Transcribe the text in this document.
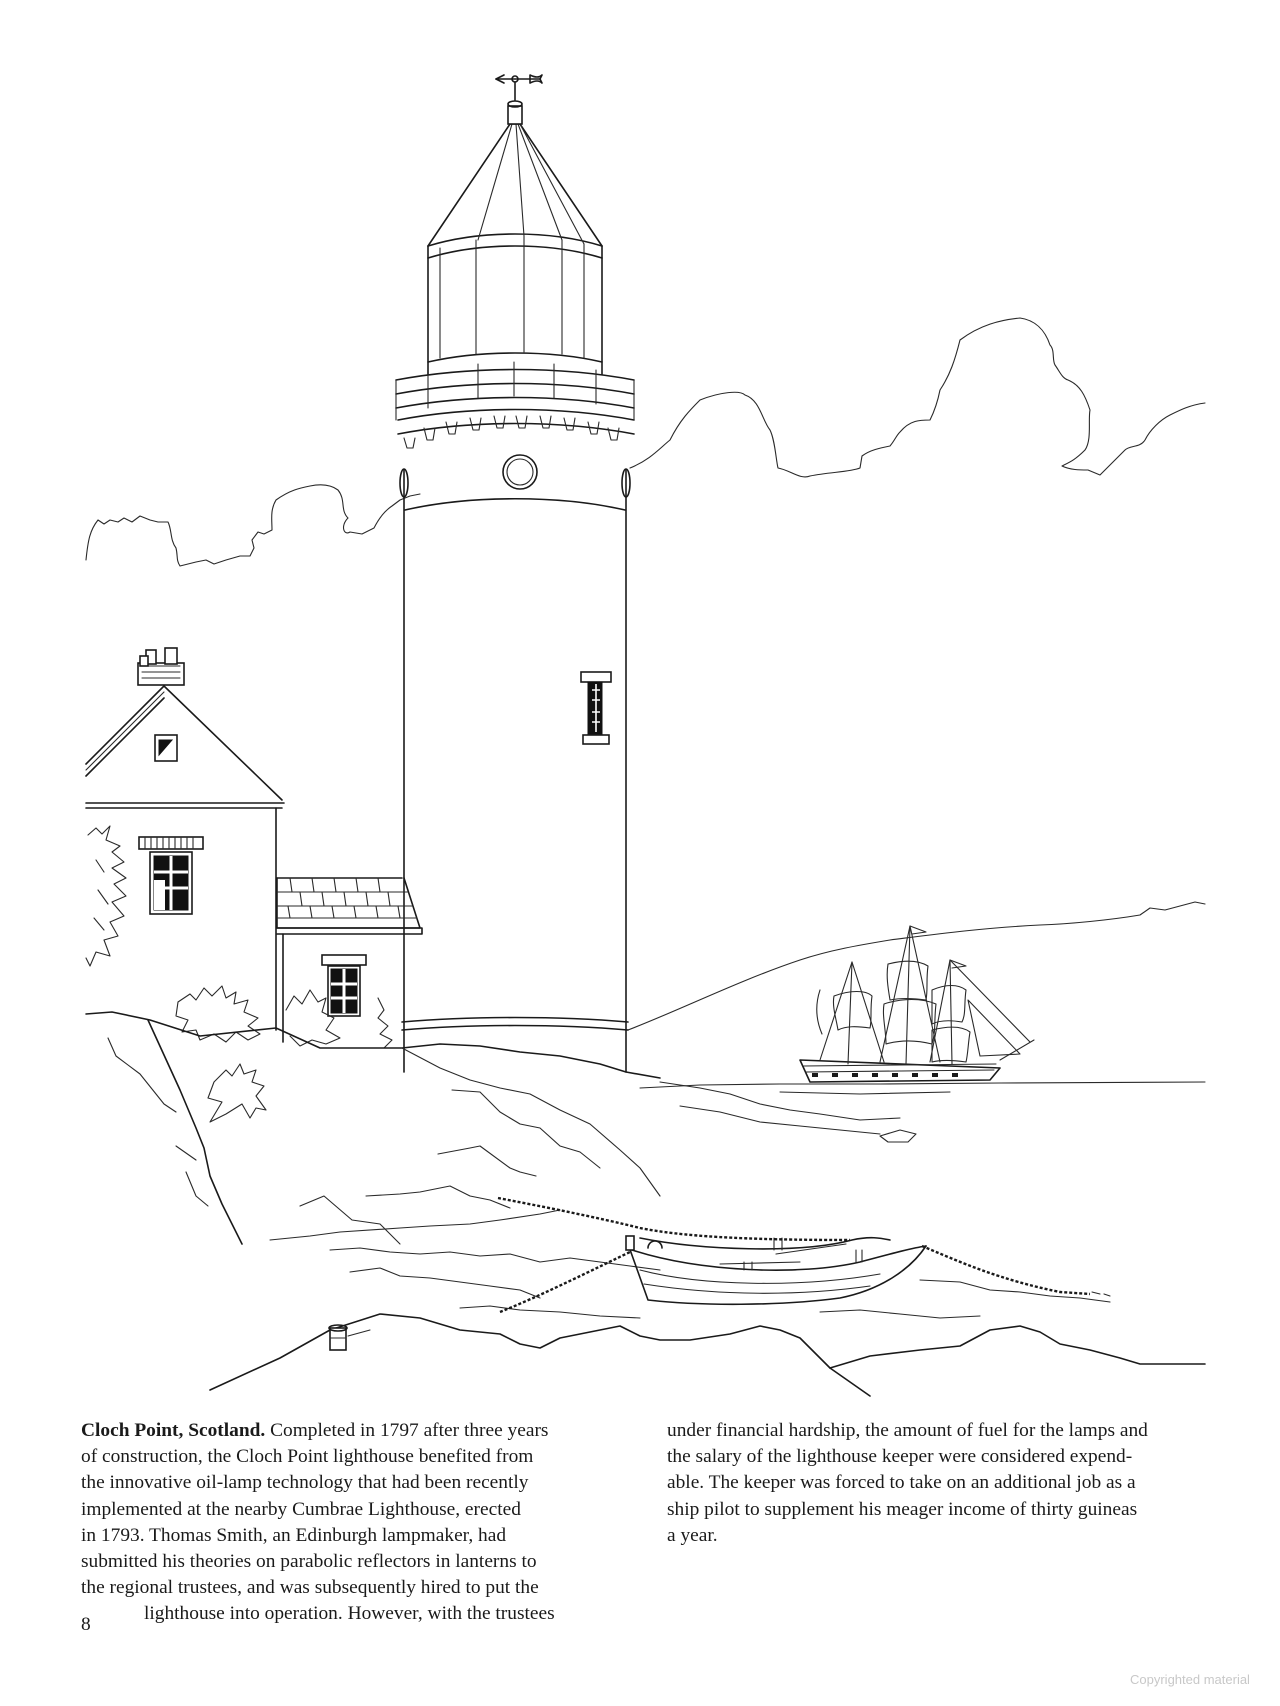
Cloch Point, Scotland. Completed in 1797 after three years

of construction, the Cloch Point lighthouse benefited from

the innovative oil-lamp technology that had been recently

implemented at the nearby Cumbrae Lighthouse, erected

in 1793. Thomas Smith, an Edinburgh lampmaker, had

submitted his theories on parabolic reflectors in lanterns to

the regional trustees, and was subsequently hired to put the

lighthouse into operation. However, with the trustees

under financial hardship, the amount of fuel for the lamps and

the salary of the lighthouse keeper were considered expend-

able. The keeper was forced to take on an additional job as a

ship pilot to supplement his meager income of thirty guineas

a year.

8
Copyrighted material
